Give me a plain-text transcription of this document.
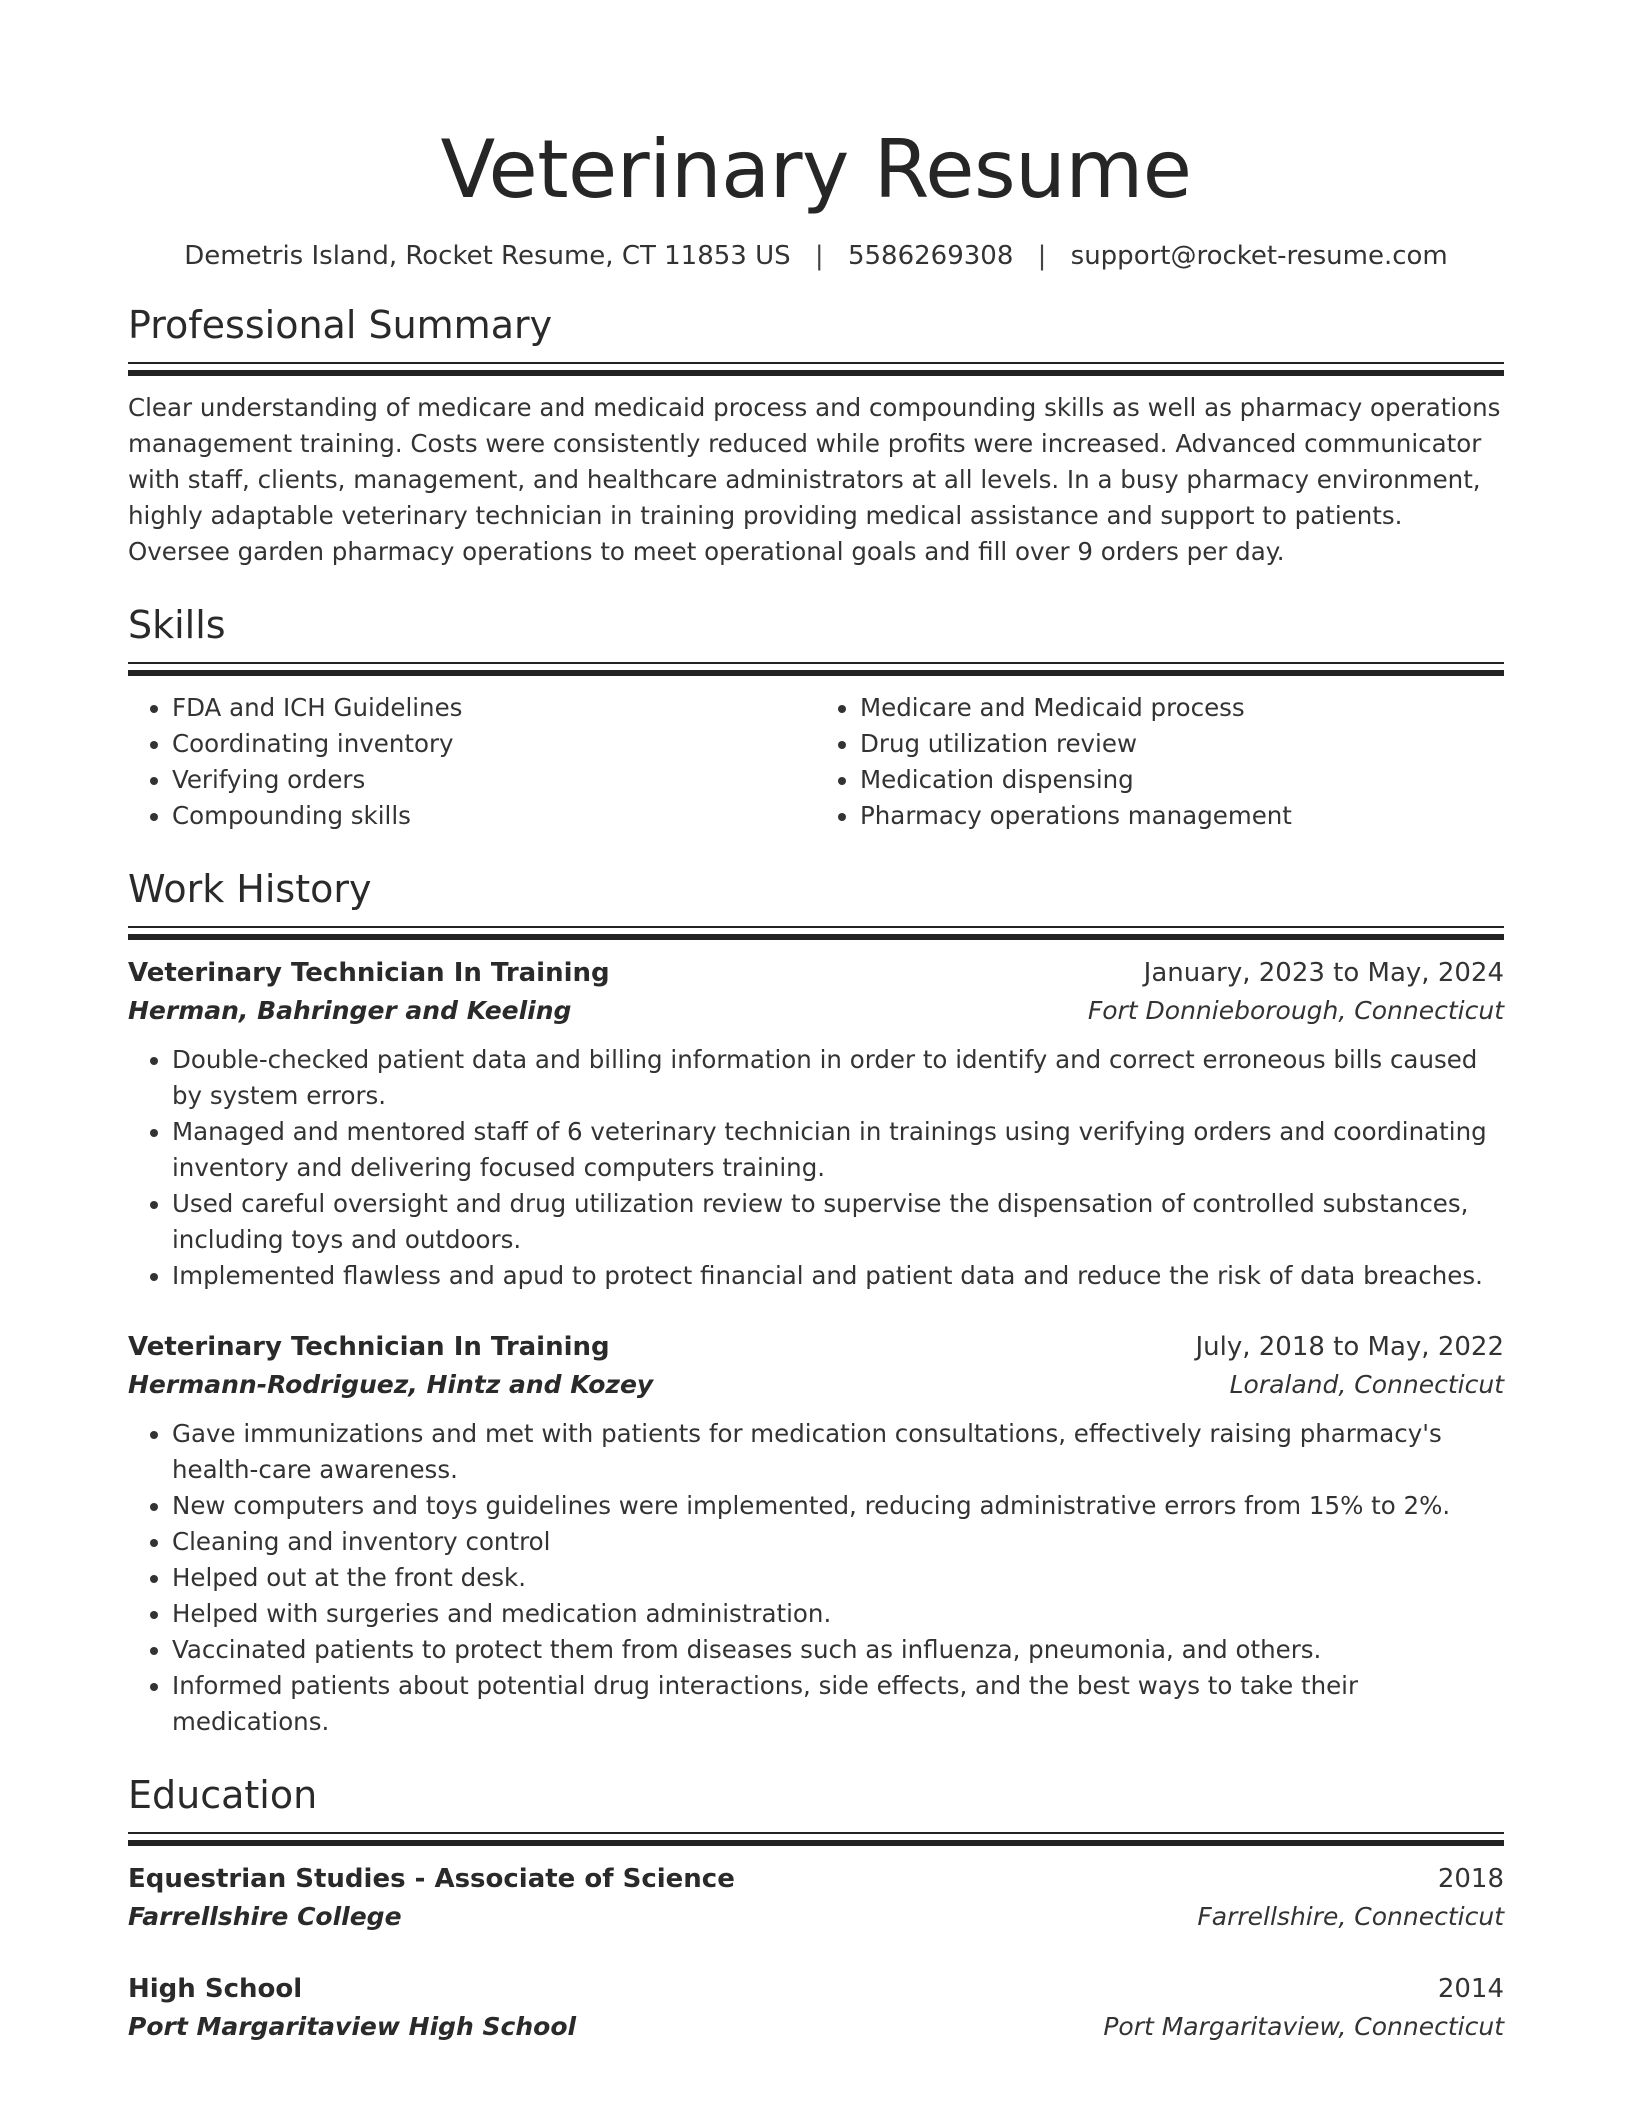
Veterinary Resume
Demetris Island, Rocket Resume, CT 11853 US | 5586269308 | support@rocket-resume.com
Professional Summary

Clear understanding of medicare and medicaid process and compounding skills as well as pharmacy operations management training. Costs were consistently reduced while profits were increased. Advanced communicator with staff, clients, management, and healthcare administrators at all levels. In a busy pharmacy environment, highly adaptable veterinary technician in training providing medical assistance and support to patients. Oversee garden pharmacy operations to meet operational goals and fill over 9 orders per day.

Skills
• FDA and ICH Guidelines
• Coordinating inventory
• Verifying orders
• Compounding skills
• Medicare and Medicaid process
• Drug utilization review
• Medication dispensing
• Pharmacy operations management
Work History
Veterinary Technician In Training	January, 2023 to May, 2024
Herman, Bahringer and Keeling	Fort Donnieborough, Connecticut
• Double-checked patient data and billing information in order to identify and correct erroneous bills caused by system errors.
• Managed and mentored staff of 6 veterinary technician in trainings using verifying orders and coordinating inventory and delivering focused computers training.
• Used careful oversight and drug utilization review to supervise the dispensation of controlled substances, including toys and outdoors.
• Implemented flawless and apud to protect financial and patient data and reduce the risk of data breaches.
Veterinary Technician In Training	July, 2018 to May, 2022
Hermann-Rodriguez, Hintz and Kozey	Loraland, Connecticut
• Gave immunizations and met with patients for medication consultations, effectively raising pharmacy's health-care awareness.
• New computers and toys guidelines were implemented, reducing administrative errors from 15% to 2%.
• Cleaning and inventory control
• Helped out at the front desk.
• Helped with surgeries and medication administration.
• Vaccinated patients to protect them from diseases such as influenza, pneumonia, and others.
• Informed patients about potential drug interactions, side effects, and the best ways to take their medications.
Education
Equestrian Studies - Associate of Science	2018
Farrellshire College	Farrellshire, Connecticut
High School	2014
Port Margaritaview High School	Port Margaritaview, Connecticut
